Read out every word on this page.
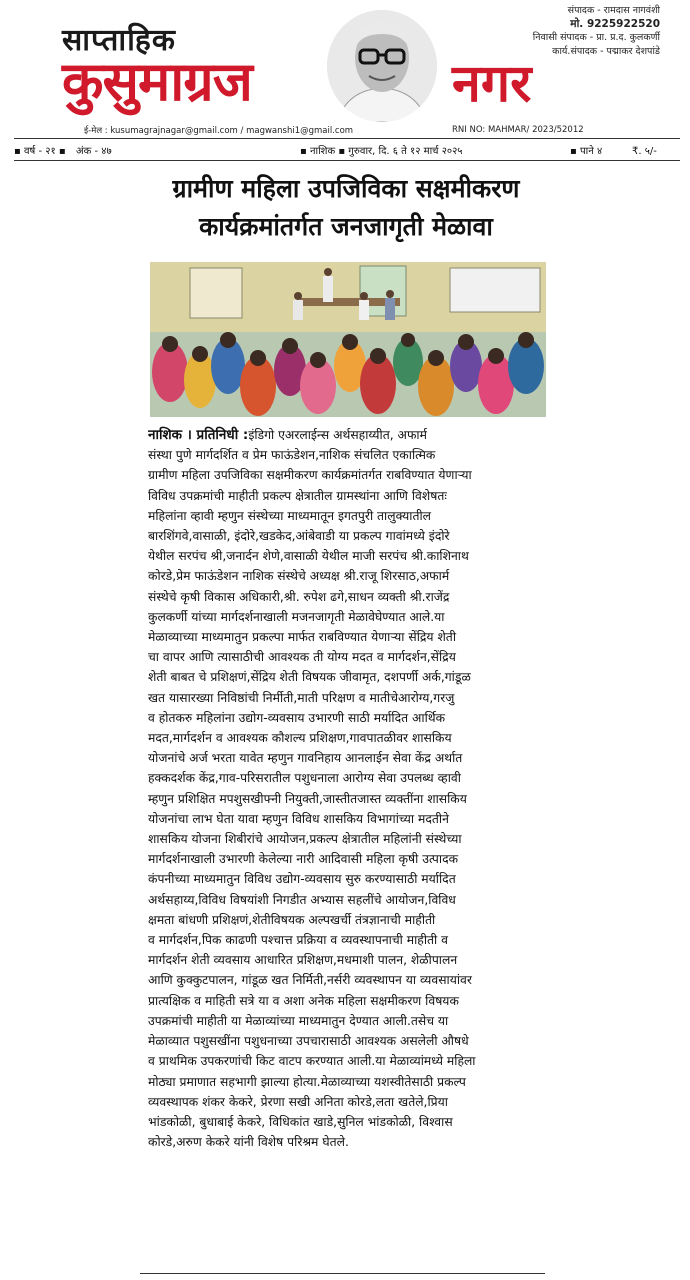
साप्ताहिक
कुसुमाग्रज	नगर
संपादक - रामदास नागवंशी
मो. 9225922520
निवासी संपादक - प्रा. प्र.द. कुलकर्णी
कार्य.संपादक - पद्माकर देशपांडे
ई-मेल : kusumagrajnagar@gmail.com / magwanshi1@gmail.com	RNI NO: MAHMAR/ 2023/52012
▪ वर्ष - २१ ▪ अंक - ४७	▪ नाशिक ▪ गुरुवार, दि. ६ ते १२ मार्च २०२५	▪ पाने ४	₹. ५/-
ग्रामीण महिला उपजिविका सक्षमीकरण
कार्यक्रमांतर्गत जनजागृती मेळावा
नाशिक । प्रतिनिधी :इंडिगो एअरलाईन्स अर्थसहाय्यीत, अफार्म
संस्था पुणे मार्गदर्शित व प्रेम फाऊंडेशन,नाशिक संचलित एकात्मिक
ग्रामीण महिला उपजिविका सक्षमीकरण कार्यक्रमांतर्गत राबविण्यात येणाऱ्या
विविध उपक्रमांची माहीती प्रकल्प क्षेत्रातील ग्रामस्थांना आणि विशेषतः
महिलांना व्हावी म्हणुन संस्थेच्या माध्यमातून इगतपुरी तालुक्यातील
बारशिंगवे,वासाळी, इंदोरे,खडकेद,आंबेवाडी या प्रकल्प गावांमध्ये इंदोरे
येथील सरपंच श्री,जनार्दन शेणे,वासाळी येथील माजी सरपंच श्री.काशिनाथ
कोरडे,प्रेम फाऊंडेशन नाशिक संस्थेचे अध्यक्ष श्री.राजू शिरसाठ,अफार्म
संस्थेचे कृषी विकास अधिकारी,श्री. रुपेश ढगे,साधन व्यक्ती श्री.राजेंद्र
कुलकर्णी यांच्या मार्गदर्शनाखाली मजनजागृती मेळावेघेण्यात आले.या
मेळाव्याच्या माध्यमातुन प्रकल्पा मार्फत राबविण्यात येणाऱ्या सेंद्रिय शेती
चा वापर आणि त्यासाठीची आवश्यक ती योग्य मदत व मार्गदर्शन,सेंद्रिय
शेती बाबत चे प्रशिक्षणं,सेंद्रिय शेती विषयक जीवामृत, दशपर्णी अर्क,गांडूळ
खत यासारख्या निविष्ठांची निर्मीती,माती परिक्षण व मातीचेआरोग्य,गरजु
व होतकरु महिलांना उद्योग-व्यवसाय उभारणी साठी मर्यादित आर्थिक
मदत,मार्गदर्शन व आवश्यक कौशल्य प्रशिक्षण,गावपातळीवर शासकिय
योजनांचे अर्ज भरता यावेत म्हणुन गावनिहाय आनलाईन सेवा केंद्र अर्थात
हक्कदर्शक केंद्र,गाव-परिसरातील पशुधनाला आरोग्य सेवा उपलब्ध व्हावी
म्हणुन प्रशिक्षित मपशुसखीफ्नी नियुक्ती,जास्तीतजास्त व्यक्तींना शासकिय
योजनांचा लाभ घेता यावा म्हणुन विविध शासकिय विभागांच्या मदतीने
शासकिय योजना शिबीरांचे आयोजन,प्रकल्प क्षेत्रातील महिलांनी संस्थेच्या
मार्गदर्शनाखाली उभारणी केलेल्या नारी आदिवासी महिला कृषी उत्पादक
कंपनीच्या माध्यमातुन विविध उद्योग-व्यवसाय सुरु करण्यासाठी मर्यादित
अर्थसहाय्य,विविध विषयांशी निगडीत अभ्यास सहलींचे आयोजन,विविध
क्षमता बांधणी प्रशिक्षणं,शेतीविषयक अल्पखर्ची तंत्रज्ञानाची माहीती
व मार्गदर्शन,पिक काढणी पश्चात्त प्रक्रिया व व्यवस्थापनाची माहीती व
मार्गदर्शन शेती व्यवसाय आधारित प्रशिक्षण,मधमाशी पालन, शेळीपालन
आणि कुक्कुटपालन, गांडूळ खत निर्मिती,नर्सरी व्यवस्थापन या व्यवसायांवर
प्रात्यक्षिक व माहिती सत्रे या व अशा अनेक महिला सक्षमीकरण विषयक
उपक्रमांची माहीती या मेळाव्यांच्या माध्यमातुन देण्यात आली.तसेच या
मेळाव्यात पशुसखींना पशुधनाच्या उपचारासाठी आवश्यक असलेली औषधे
व प्राथमिक उपकरणांची किट वाटप करण्यात आली.या मेळाव्यांमध्ये महिला
मोठ्या प्रमाणात सहभागी झाल्या होत्या.मेळाव्याच्या यशस्वीतेसाठी प्रकल्प
व्यवस्थापक शंकर केकरे, प्रेरणा सखी अनिता कोरडे,लता खतेले,प्रिया
भांडकोळी, बुधाबाई केकरे, विधिकांत खाडे,सुनिल भांडकोळी, विश्वास
कोरडे,अरुण केकरे यांनी विशेष परिश्रम घेतले.
